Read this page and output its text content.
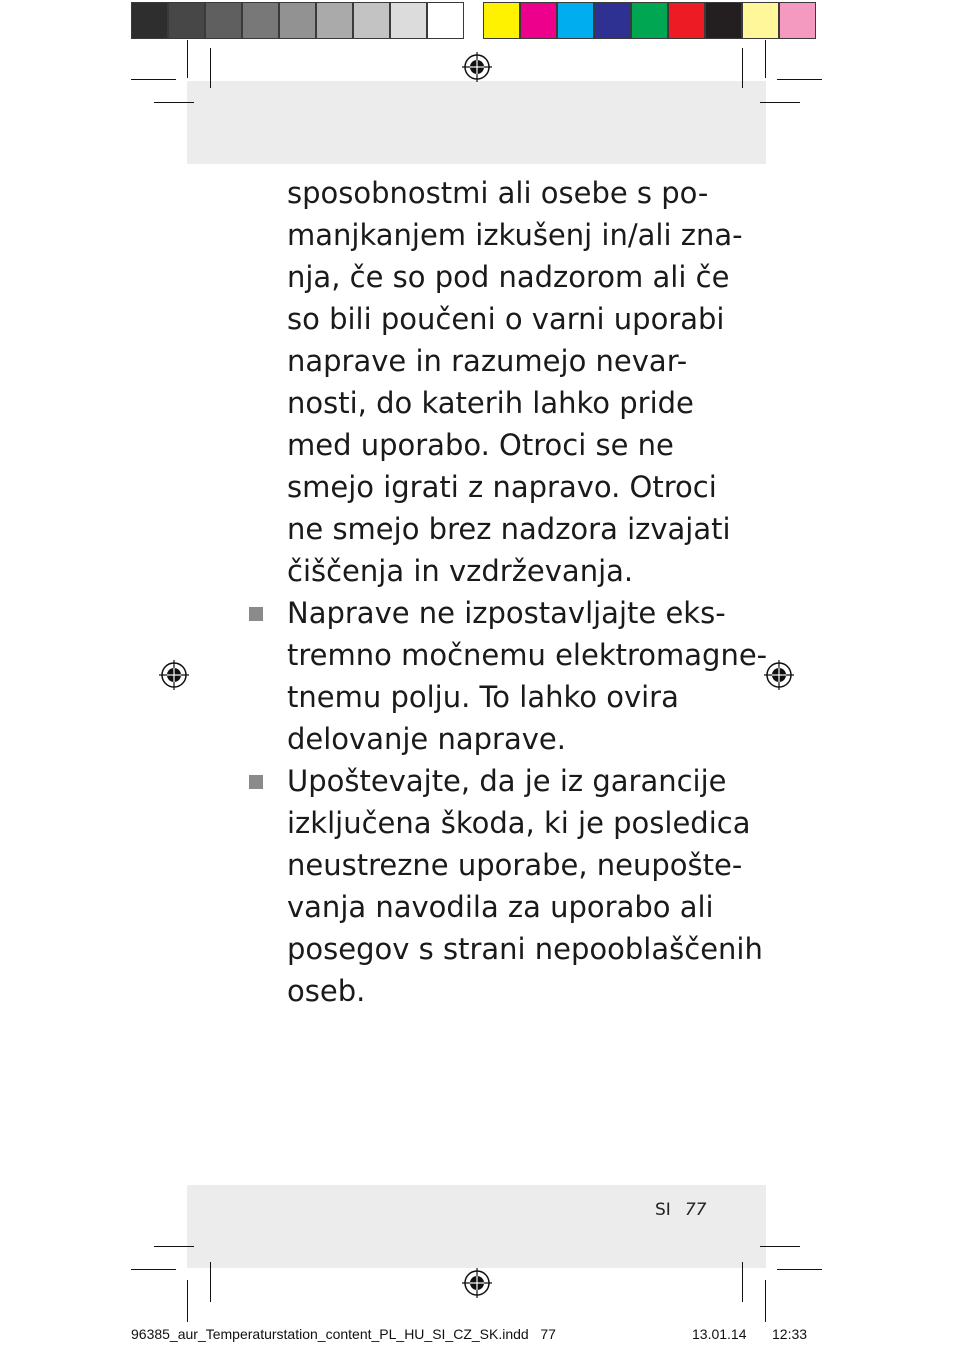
sposobnostmi ali osebe s po-
manjkanjem izkušenj in/ali zna-
nja, če so pod nadzorom ali če
so bili poučeni o varni uporabi
naprave in razumejo nevar-
nosti, do katerih lahko pride
med uporabo. Otroci se ne
smejo igrati z napravo. Otroci
ne smejo brez nadzora izvajati
čiščenja in vzdrževanja.
Naprave ne izpostavljajte eks-
tremno močnemu elektromagne-
tnemu polju. To lahko ovira
delovanje naprave.
Upoštevajte, da je iz garancije
izključena škoda, ki je posledica
neustrezne uporabe, neupošte-
vanja navodila za uporabo ali
posegov s strani nepooblaščenih
oseb.
SI 77
96385_aur_Temperaturstation_content_PL_HU_SI_CZ_SK.indd   77	13.01.14 12:33
